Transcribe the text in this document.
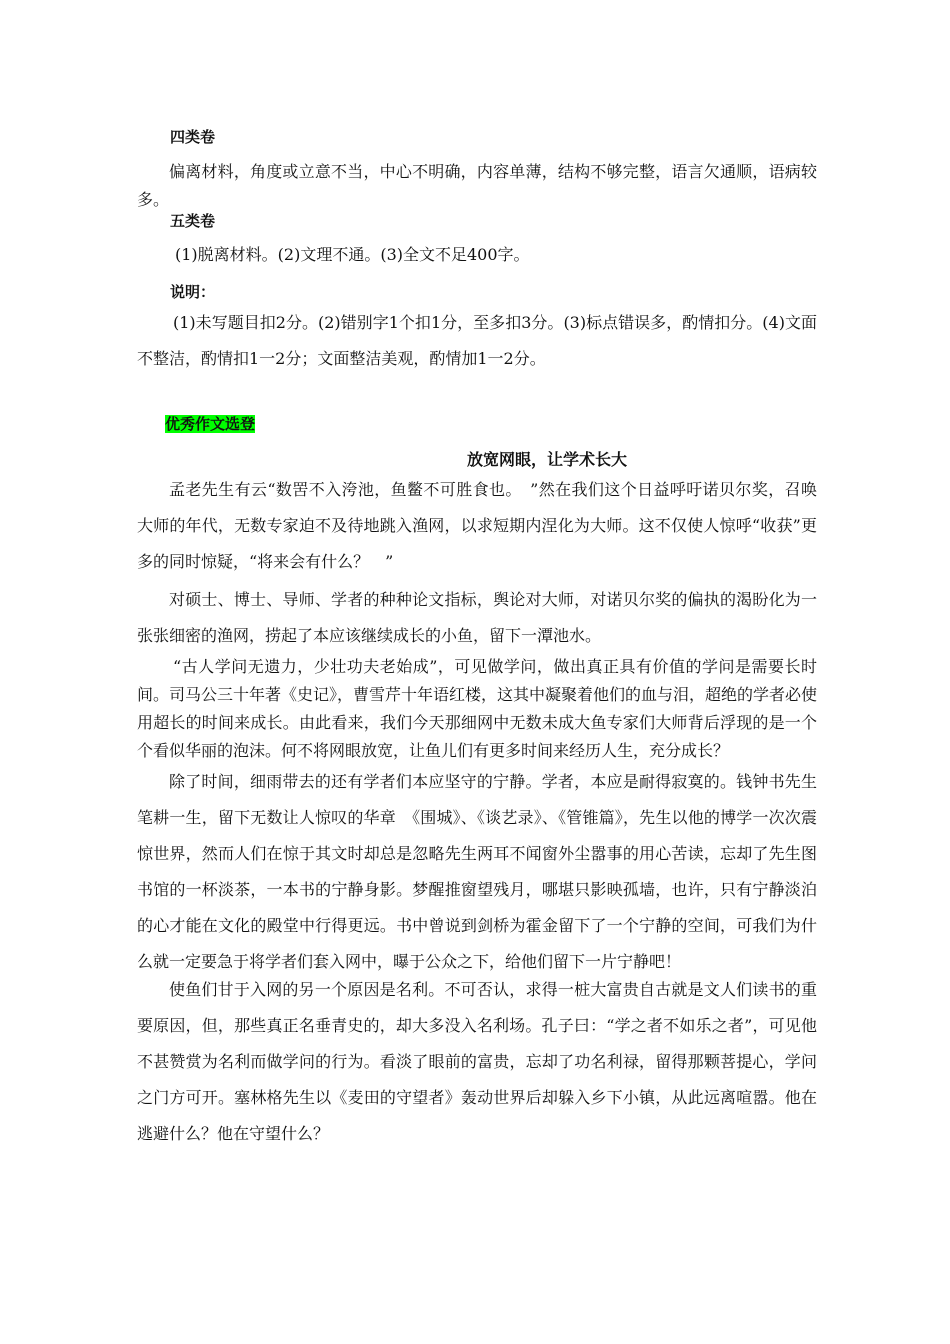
四类卷
偏离材料，角度或立意不当，中心不明确，内容单薄，结构不够完整，语言欠通顺，语病较多。
五类卷
(1)脱离材料。(2)文理不通。(3)全文不足400字。
说明：
(1)未写题目扣2分。(2)错别字1个扣1分，至多扣3分。(3)标点错误多，酌情扣分。(4)文面不整洁，酌情扣1一2分；文面整洁美观，酌情加1一2分。
优秀作文选登
放宽网眼，让学术长大
孟老先生有云“数罟不入洿池，鱼鳖不可胜食也。　”然在我们这个日益呼吁诺贝尔奖，召唤大师的年代，无数专家迫不及待地跳入渔网，以求短期内涅化为大师。这不仅使人惊呼“收获”更多的同时惊疑，“将来会有什么？　”
对硕士、博士、导师、学者的种种论文指标，舆论对大师，对诺贝尔奖的偏执的渴盼化为一张张细密的渔网，捞起了本应该继续成长的小鱼，留下一潭池水。
“古人学问无遗力，少壮功夫老始成”，可见做学问，做出真正具有价值的学问是需要长时间。司马公三十年著《史记》，曹雪芹十年语红楼，这其中凝聚着他们的血与泪，超绝的学者必使用超长的时间来成长。由此看来，我们今天那细网中无数未成大鱼专家们大师背后浮现的是一个个看似华丽的泡沫。何不将网眼放宽，让鱼儿们有更多时间来经历人生，充分成长？
除了时间，细雨带去的还有学者们本应坚守的宁静。学者，本应是耐得寂寞的。钱钟书先生笔耕一生，留下无数让人惊叹的华章　《围城》、《谈艺录》、《管锥篇》，先生以他的博学一次次震惊世界，然而人们在惊于其文时却总是忽略先生两耳不闻窗外尘嚣事的用心苦读，忘却了先生图书馆的一杯淡茶，一本书的宁静身影。梦醒推窗望残月，哪堪只影映孤墙，也许，只有宁静淡泊的心才能在文化的殿堂中行得更远。书中曾说到剑桥为霍金留下了一个宁静的空间，可我们为什么就一定要急于将学者们套入网中，曝于公众之下，给他们留下一片宁静吧！
使鱼们甘于入网的另一个原因是名利。不可否认，求得一桩大富贵自古就是文人们读书的重要原因，但，那些真正名垂青史的，却大多没入名利场。孔子曰：“学之者不如乐之者”，可见他不甚赞赏为名利而做学问的行为。看淡了眼前的富贵，忘却了功名利禄，留得那颗菩提心，学问之门方可开。塞林格先生以《麦田的守望者》轰动世界后却躲入乡下小镇，从此远离喧嚣。他在逃避什么？他在守望什么？
